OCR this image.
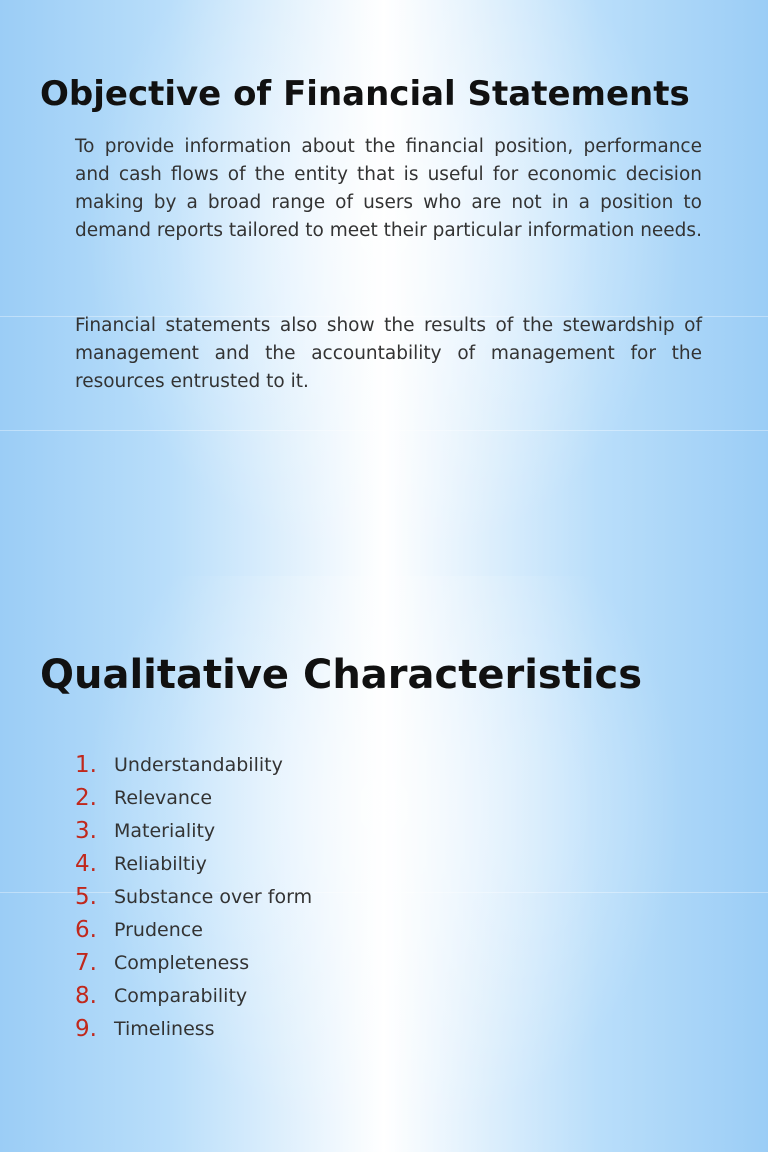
Objective of Financial Statements
To provide information about the financial position, performance and cash flows of the entity that is useful for economic decision making by a broad range of users who are not in a position to demand reports tailored to meet their particular information needs.
Financial statements also show the results of the stewardship of management and the accountability of management for the resources entrusted to it.
Qualitative Characteristics
1. Understandability
2. Relevance
3. Materiality
4. Reliabiltiy
5. Substance over form
6. Prudence
7. Completeness
8. Comparability
9. Timeliness
